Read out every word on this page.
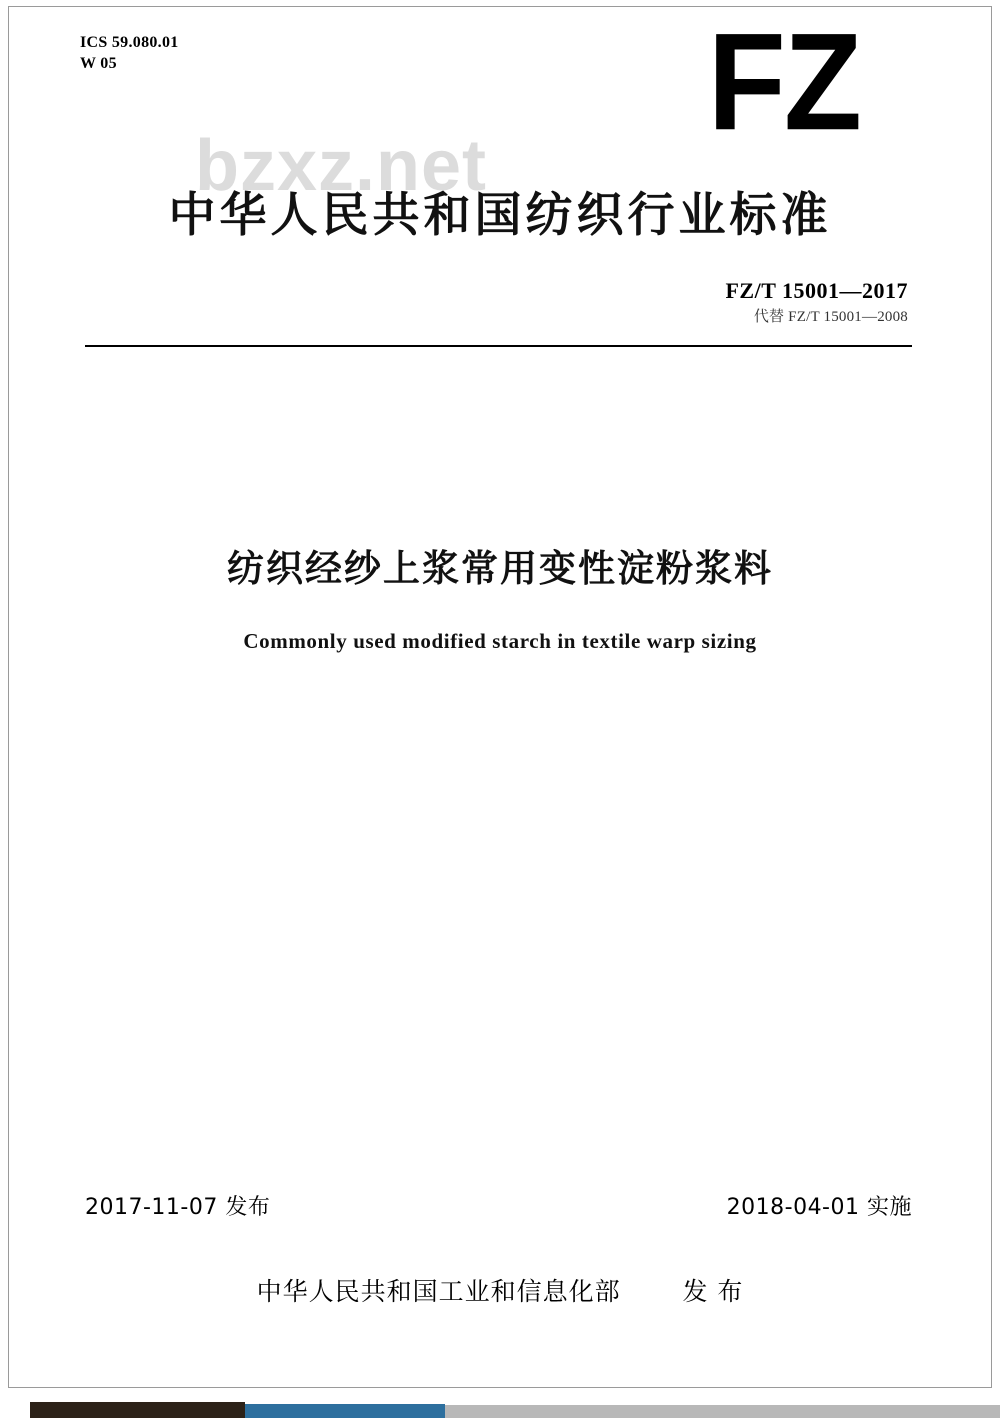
ICS 59.080.01
W 05	FZ
bzxz.net
中华人民共和国纺织行业标准
FZ/T 15001—2017
代替 FZ/T 15001—2008
纺织经纱上浆常用变性淀粉浆料
Commonly used modified starch in textile warp sizing
2017-11-07 发布	2018-04-01 实施
中华人民共和国工业和信息化部 发 布
